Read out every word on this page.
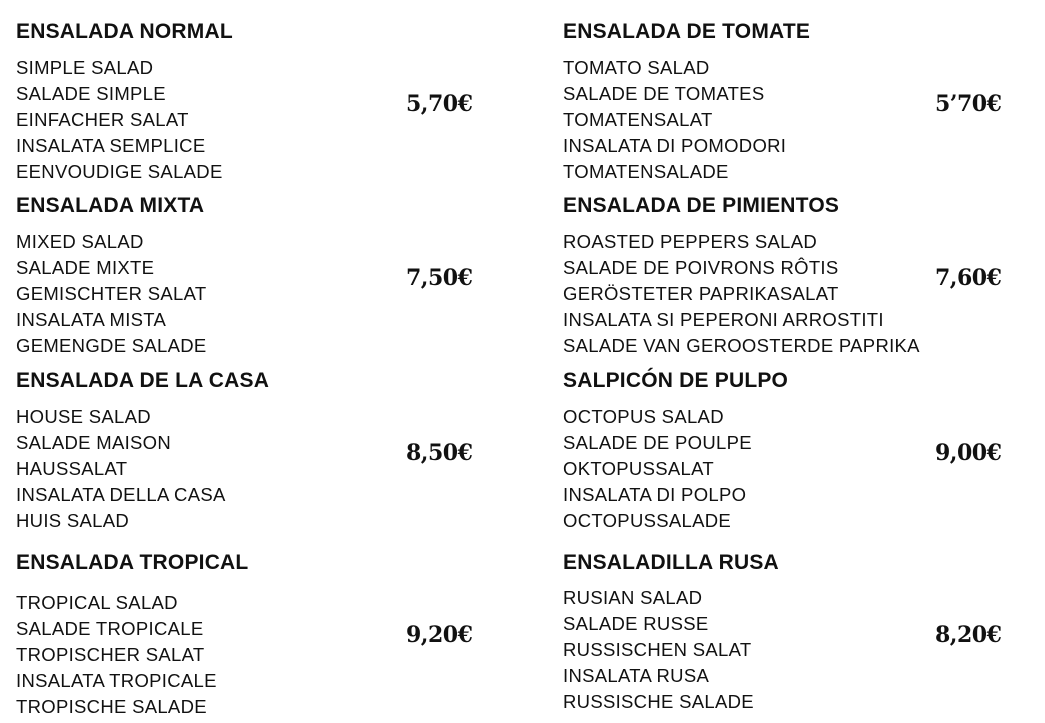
ENSALADA NORMAL
SIMPLE SALAD
SALADE SIMPLE
EINFACHER SALAT
INSALATA SEMPLICE
EENVOUDIGE SALADE
5,70€
ENSALADA DE TOMATE
TOMATO SALAD
SALADE DE TOMATES
TOMATENSALAT
INSALATA DI POMODORI
TOMATENSALADE
5’70€
ENSALADA MIXTA
MIXED SALAD
SALADE MIXTE
GEMISCHTER SALAT
INSALATA MISTA
GEMENGDE SALADE
7,50€
ENSALADA DE PIMIENTOS
ROASTED PEPPERS SALAD
SALADE DE POIVRONS RÔTIS
GERÖSTETER PAPRIKASALAT
INSALATA SI PEPERONI ARROSTITI
SALADE VAN GEROOSTERDE PAPRIKA
7,60€
ENSALADA DE LA CASA
HOUSE SALAD
SALADE MAISON
HAUSSALAT
INSALATA DELLA CASA
HUIS SALAD
8,50€
SALPICÓN DE PULPO
OCTOPUS SALAD
SALADE DE POULPE
OKTOPUSSALAT
INSALATA DI POLPO
OCTOPUSSALADE
9,00€
ENSALADA TROPICAL
TROPICAL SALAD
SALADE TROPICALE
TROPISCHER SALAT
INSALATA TROPICALE
TROPISCHE SALADE
9,20€
ENSALADILLA RUSA
RUSIAN SALAD
SALADE RUSSE
RUSSISCHEN SALAT
INSALATA RUSA
RUSSISCHE SALADE
8,20€
